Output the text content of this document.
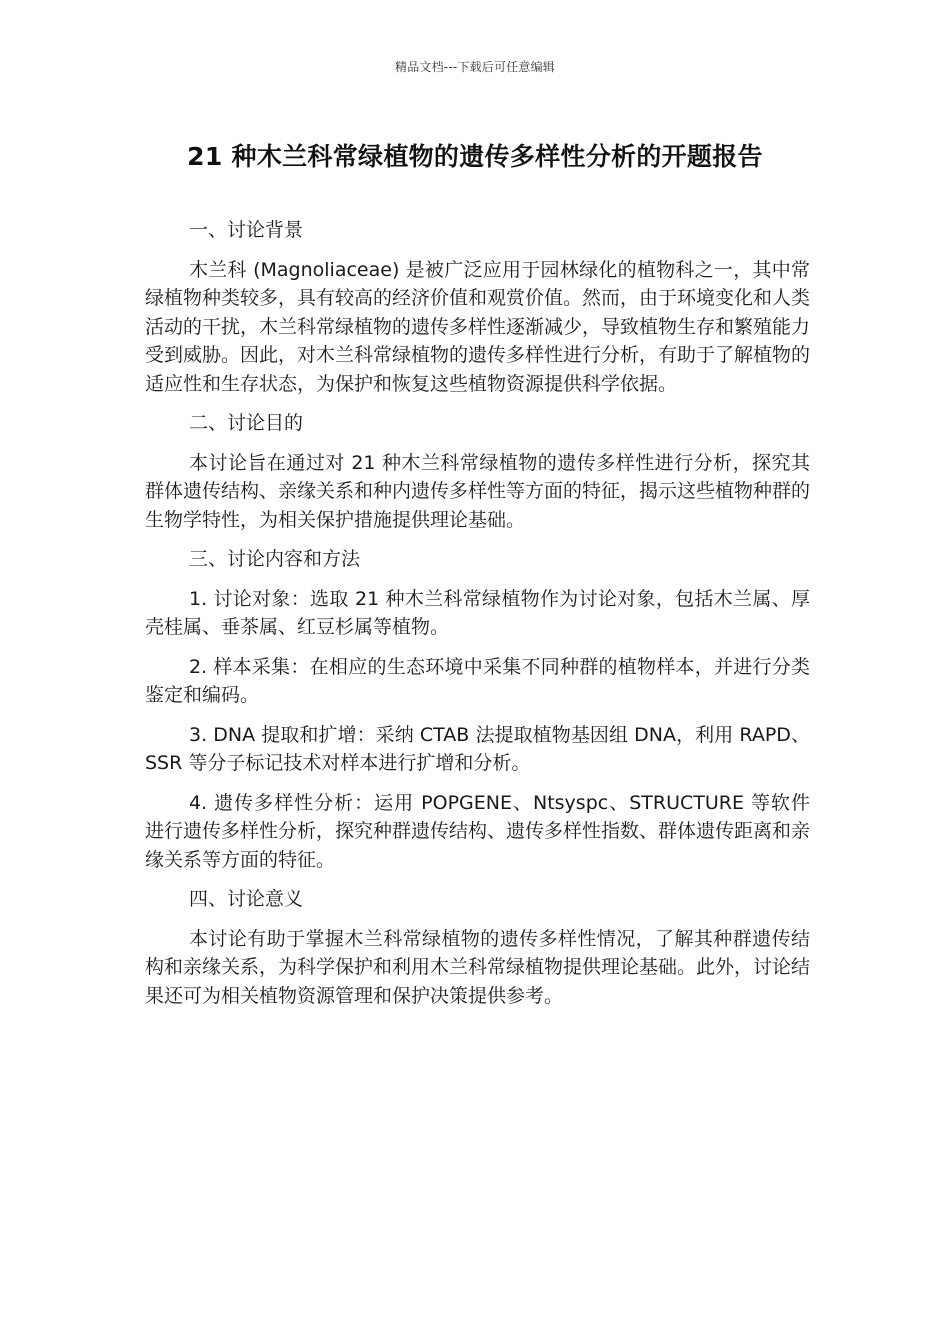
精品文档---下载后可任意编辑
21 种木兰科常绿植物的遗传多样性分析的开题报告

一、讨论背景

木兰科 (Magnoliaceae) 是被广泛应用于园林绿化的植物科之一，其中常绿植物种类较多，具有较高的经济价值和观赏价值。然而，由于环境变化和人类活动的干扰，木兰科常绿植物的遗传多样性逐渐减少，导致植物生存和繁殖能力受到威胁。因此，对木兰科常绿植物的遗传多样性进行分析，有助于了解植物的适应性和生存状态，为保护和恢复这些植物资源提供科学依据。

二、讨论目的

本讨论旨在通过对 21 种木兰科常绿植物的遗传多样性进行分析，探究其群体遗传结构、亲缘关系和种内遗传多样性等方面的特征，揭示这些植物种群的生物学特性，为相关保护措施提供理论基础。

三、讨论内容和方法

1. 讨论对象：选取 21 种木兰科常绿植物作为讨论对象，包括木兰属、厚壳桂属、垂茶属、红豆杉属等植物。

2. 样本采集：在相应的生态环境中采集不同种群的植物样本，并进行分类鉴定和编码。

3. DNA 提取和扩增：采纳 CTAB 法提取植物基因组 DNA，利用 RAPD、SSR 等分子标记技术对样本进行扩增和分析。

4. 遗传多样性分析：运用 POPGENE、Ntsyspc、STRUCTURE 等软件进行遗传多样性分析，探究种群遗传结构、遗传多样性指数、群体遗传距离和亲缘关系等方面的特征。

四、讨论意义

本讨论有助于掌握木兰科常绿植物的遗传多样性情况，了解其种群遗传结构和亲缘关系，为科学保护和利用木兰科常绿植物提供理论基础。此外，讨论结果还可为相关植物资源管理和保护决策提供参考。
